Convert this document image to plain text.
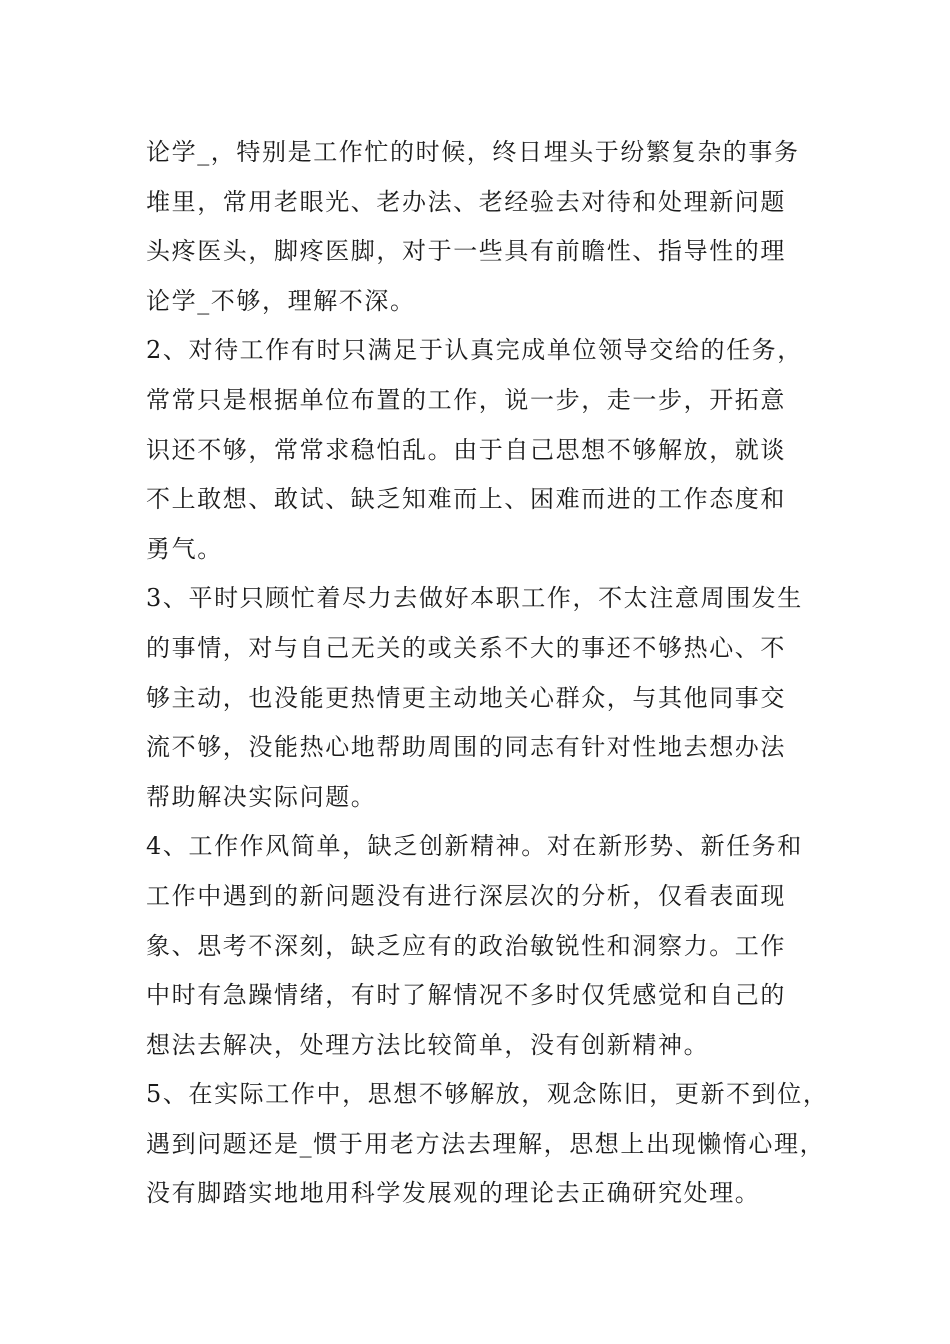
论学_，特别是工作忙的时候，终日埋头于纷繁复杂的事务
堆里，常用老眼光、老办法、老经验去对待和处理新问题
头疼医头，脚疼医脚，对于一些具有前瞻性、指导性的理
论学_不够，理解不深。
2、对待工作有时只满足于认真完成单位领导交给的任务，
常常只是根据单位布置的工作，说一步，走一步，开拓意
识还不够，常常求稳怕乱。由于自己思想不够解放，就谈
不上敢想、敢试、缺乏知难而上、困难而进的工作态度和
勇气。
3、平时只顾忙着尽力去做好本职工作，不太注意周围发生
的事情，对与自己无关的或关系不大的事还不够热心、不
够主动，也没能更热情更主动地关心群众，与其他同事交
流不够，没能热心地帮助周围的同志有针对性地去想办法
帮助解决实际问题。
4、工作作风简单，缺乏创新精神。对在新形势、新任务和
工作中遇到的新问题没有进行深层次的分析，仅看表面现
象、思考不深刻，缺乏应有的政治敏锐性和洞察力。工作
中时有急躁情绪，有时了解情况不多时仅凭感觉和自己的
想法去解决，处理方法比较简单，没有创新精神。
5、在实际工作中，思想不够解放，观念陈旧，更新不到位，
遇到问题还是_惯于用老方法去理解，思想上出现懒惰心理，
没有脚踏实地地用科学发展观的理论去正确研究处理。
